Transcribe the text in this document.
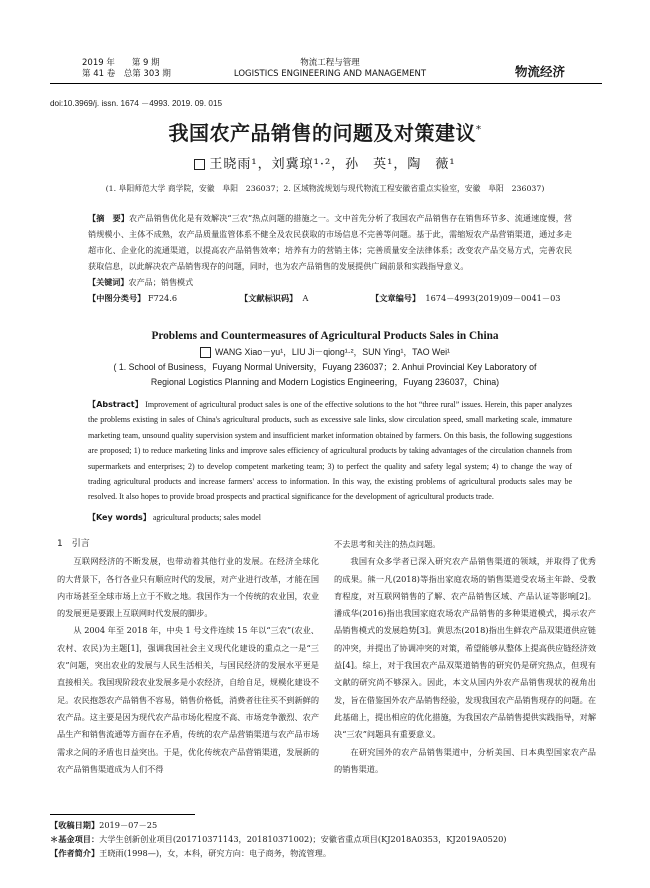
2019 年　　第 9 期
第 41 卷　总第 303 期
物流工程与管理
LOGISTICS ENGINEERING AND MANAGEMENT	物流经济
doi:10.3969/j. issn. 1674 －4993. 2019. 09. 015
我国农产品销售的问题及对策建议*
王晓雨¹，刘冀琼¹·²，孙　英¹，陶　薇¹
(1. 阜阳师范大学 商学院，安徽　阜阳　236037；2. 区域物流规划与现代物流工程安徽省重点实验室，安徽　阜阳　236037)
【摘　要】农产品销售优化是有效解决“三农”热点问题的措施之一。文中首先分析了我国农产品销售存在销售环节多、流通速度慢，营销规模小、主体不成熟，农产品质量监管体系不健全及农民获取的市场信息不完善等问题。基于此，需缩短农产品营销渠道，通过多走超市化、企业化的流通渠道，以提高农产品销售效率；培养有力的营销主体；完善质量安全法律体系；改变农产品交易方式，完善农民获取信息，以此解决农产品销售现存的问题，同时，也为农产品销售的发展提供广阔前景和实践指导意义。
【关键词】农产品；销售模式
【中图分类号】 F724.6	【文献标识码】 A	【文章编号】 1674－4993(2019)09－0041－03
Problems and Countermeasures of Agricultural Products Sales in China
WANG Xiao－yu¹，LIU Ji－qiong¹·²，SUN Ying¹，TAO Wei¹
( 1. School of Business，Fuyang Normal University，Fuyang 236037；2. Anhui Provincial Key Laboratory of
Regional Logistics Planning and Modern Logistics Engineering，Fuyang 236037，China)
【Abstract】 Improvement of agricultural product sales is one of the effective solutions to the hot “three rural” issues. Herein, this paper analyzes the problems existing in sales of China's agricultural products, such as excessive sale links, slow circulation speed, small marketing scale, immature marketing team, unsound quality supervision system and insufficient market information obtained by farmers. On this basis, the following suggestions are proposed; 1) to reduce marketing links and improve sales efficiency of agricultural products by taking advantages of the circulation channels from supermarkets and enterprises; 2) to develop competent marketing team; 3) to perfect the quality and safety legal system; 4) to change the way of trading agricultural products and increase farmers' access to information. In this way, the existing problems of agricultural products sales may be resolved. It also hopes to provide broad prospects and practical significance for the development of agricultural products trade.
【Key words】 agricultural products; sales model
1　引言

互联网经济的不断发展，也带动着其他行业的发展。在经济全球化的大背景下，各行各业只有顺应时代的发展，对产业进行改革，才能在国内市场甚至全球市场上立于不败之地。我国作为一个传统的农业国，农业的发展更是要跟上互联网时代发展的脚步。

从 2004 年至 2018 年，中央 1 号文件连续 15 年以“三农”(农业、农村、农民)为主题[1]，强调我国社会主义现代化建设的重点之一是“三农”问题，突出农业的发展与人民生活相关，与国民经济的发展水平更是直接相关。我国现阶段农业发展多是小农经济，自给自足，规模化建设不足。农民抱怨农产品销售不容易，销售价格低，消费者往往买不到新鲜的农产品。这主要是因为现代农产品市场化程度不高、市场竞争激烈、农产品生产和销售流通等方面存在矛盾，传统的农产品营销渠道与农产品市场需求之间的矛盾也日益突出。于是，优化传统农产品营销渠道，发展新的农产品销售渠道成为人们不得

不去思考和关注的热点问题。

我国有众多学者已深入研究农产品销售渠道的领域，并取得了优秀的成果。熊一凡(2018)等指出家庭农场的销售渠道受农场主年龄、受教育程度，对互联网销售的了解、农产品销售区域、产品认证等影响[2]。潘成华(2016)指出我国家庭农场农产品销售的多种渠道模式，揭示农产品销售模式的发展趋势[3]。黄思杰(2018)指出生鲜农产品双渠道供应链的冲突，并提出了协调冲突的对策，希望能够从整体上提高供应链经济效益[4]。综上，对于我国农产品双渠道销售的研究仍是研究热点，但现有文献的研究尚不够深入。因此，本文从国内外农产品销售现状的视角出发，旨在借鉴国外农产品销售经验，发现我国农产品销售现存的问题。在此基础上，提出相应的优化措施，为我国农产品销售提供实践指导，对解决“三农”问题具有重要意义。

在研究国外的农产品销售渠道中，分析美国、日本典型国家农产品的销售渠道。

【收稿日期】2019－07－25
＊基金项目：大学生创新创业项目(201710371143，201810371002)；安徽省重点项目(KJ2018A0353，KJ2019A0520)
【作者简介】王晓雨(1998—)，女，本科，研究方向：电子商务，物流管理。
